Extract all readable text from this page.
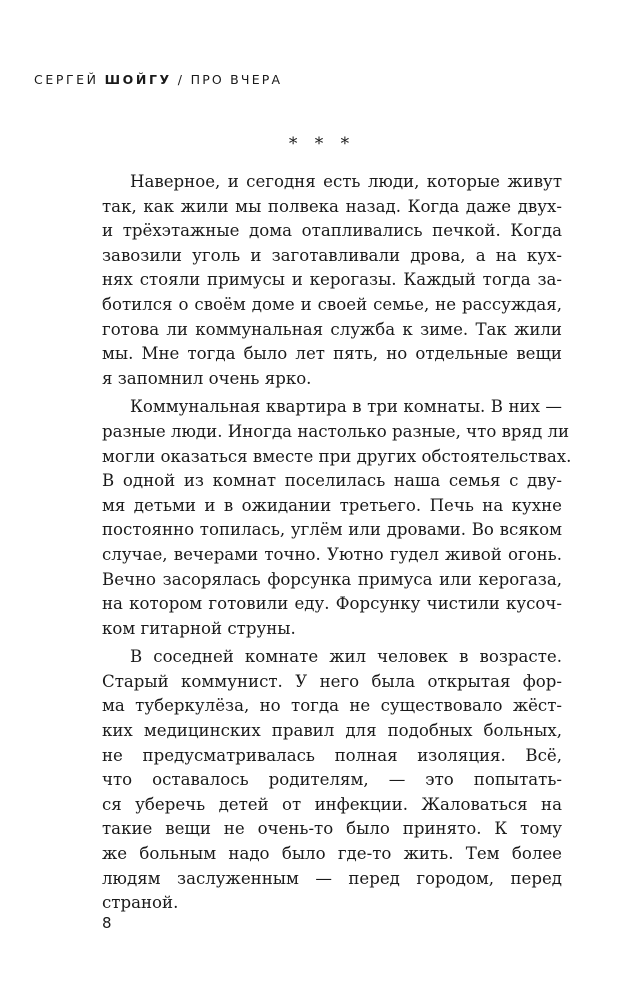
СЕРГЕЙ ШОЙГУ / ПРО ВЧЕРА
* * *
Наверное, и сегодня есть люди, которые живут
так, как жили мы полвека назад. Когда даже двух-
и трёхэтажные дома отапливались печкой. Когда
завозили уголь и заготавливали дрова, а на кух-
нях стояли примусы и керогазы. Каждый тогда за-
ботился о своём доме и своей семье, не рассуждая,
готова ли коммунальная служба к зиме. Так жили
мы. Мне тогда было лет пять, но отдельные вещи
я запомнил очень ярко.
Коммунальная квартира в три комнаты. В них —
разные люди. Иногда настолько разные, что вряд ли
могли оказаться вместе при других обстоятельствах.
В одной из комнат поселилась наша семья с дву-
мя детьми и в ожидании третьего. Печь на кухне
постоянно топилась, углём или дровами. Во всяком
случае, вечерами точно. Уютно гудел живой огонь.
Вечно засорялась форсунка примуса или керогаза,
на котором готовили еду. Форсунку чистили кусоч-
ком гитарной струны.
В соседней комнате жил человек в возрасте.
Старый коммунист. У него была открытая фор-
ма туберкулёза, но тогда не существовало жёст-
ких медицинских правил для подобных больных,
не предусматривалась полная изоляция. Всё,
что оставалось родителям, — это попытать-
ся уберечь детей от инфекции. Жаловаться на
такие вещи не очень-то было принято. К тому
же больным надо было где-то жить. Тем более
людям заслуженным — перед городом, перед
страной.
8
